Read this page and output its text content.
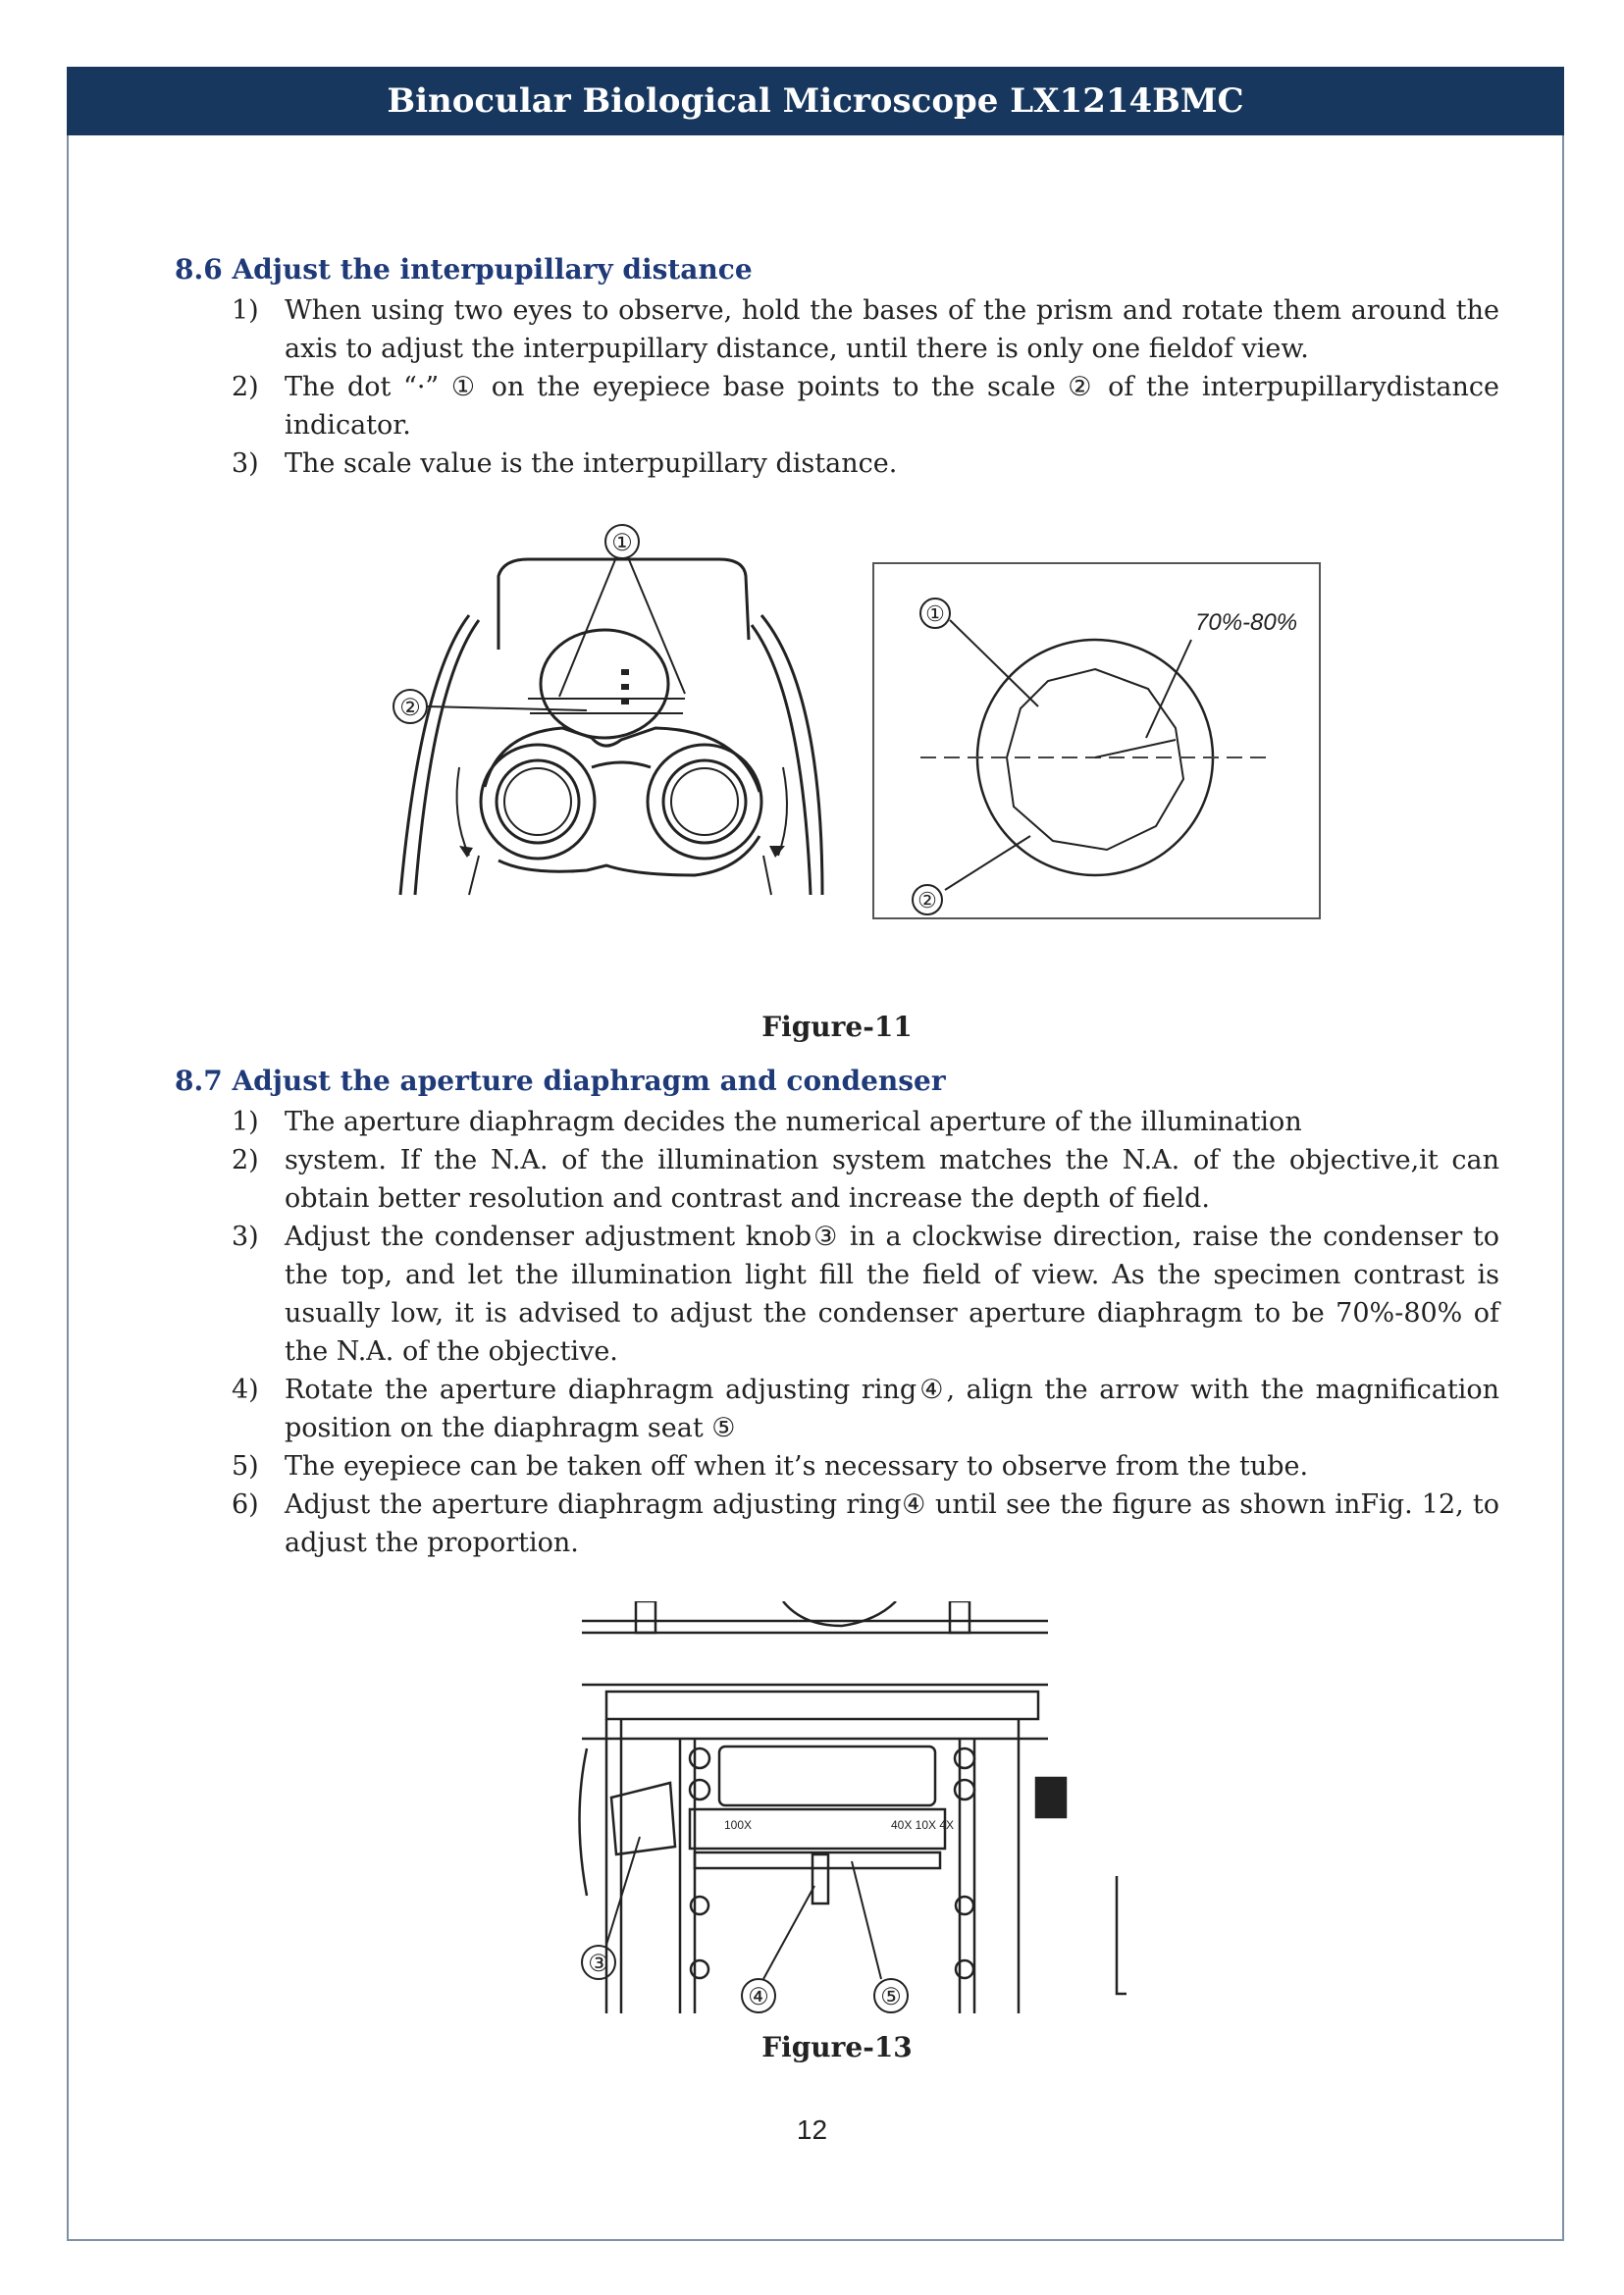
Binocular Biological Microscope LX1214BMC
8.6 Adjust the interpupillary distance
1) When using two eyes to observe, hold the bases of the prism and rotate them around the axis to adjust the interpupillary distance, until there is only one fieldof view.
2) The dot “·” ① on the eyepiece base points to the scale ② of the interpupillarydistance indicator.
3) The scale value is the interpupillary distance.
①
②
①
②
70%-80%
Figure-11
8.7 Adjust the aperture diaphragm and condenser
1) The aperture diaphragm decides the numerical aperture of the illumination
2) system. If the N.A. of the illumination system matches the N.A. of the objective,it can obtain better resolution and contrast and increase the depth of field.
3) Adjust the condenser adjustment knob③ in a clockwise direction, raise the condenser to the top, and let the illumination light fill the field of view. As the specimen contrast is usually low, it is advised to adjust the condenser aperture diaphragm to be 70%-80% of the N.A. of the objective.
4) Rotate the aperture diaphragm adjusting ring④, align the arrow with the magnification position on the diaphragm seat ⑤
5) The eyepiece can be taken off when it’s necessary to observe from the tube.
6) Adjust the aperture diaphragm adjusting ring④ until see the figure as shown inFig. 12, to adjust the proportion.
100X	40X 10X 4X
③
④	⑤
Figure-13
12
